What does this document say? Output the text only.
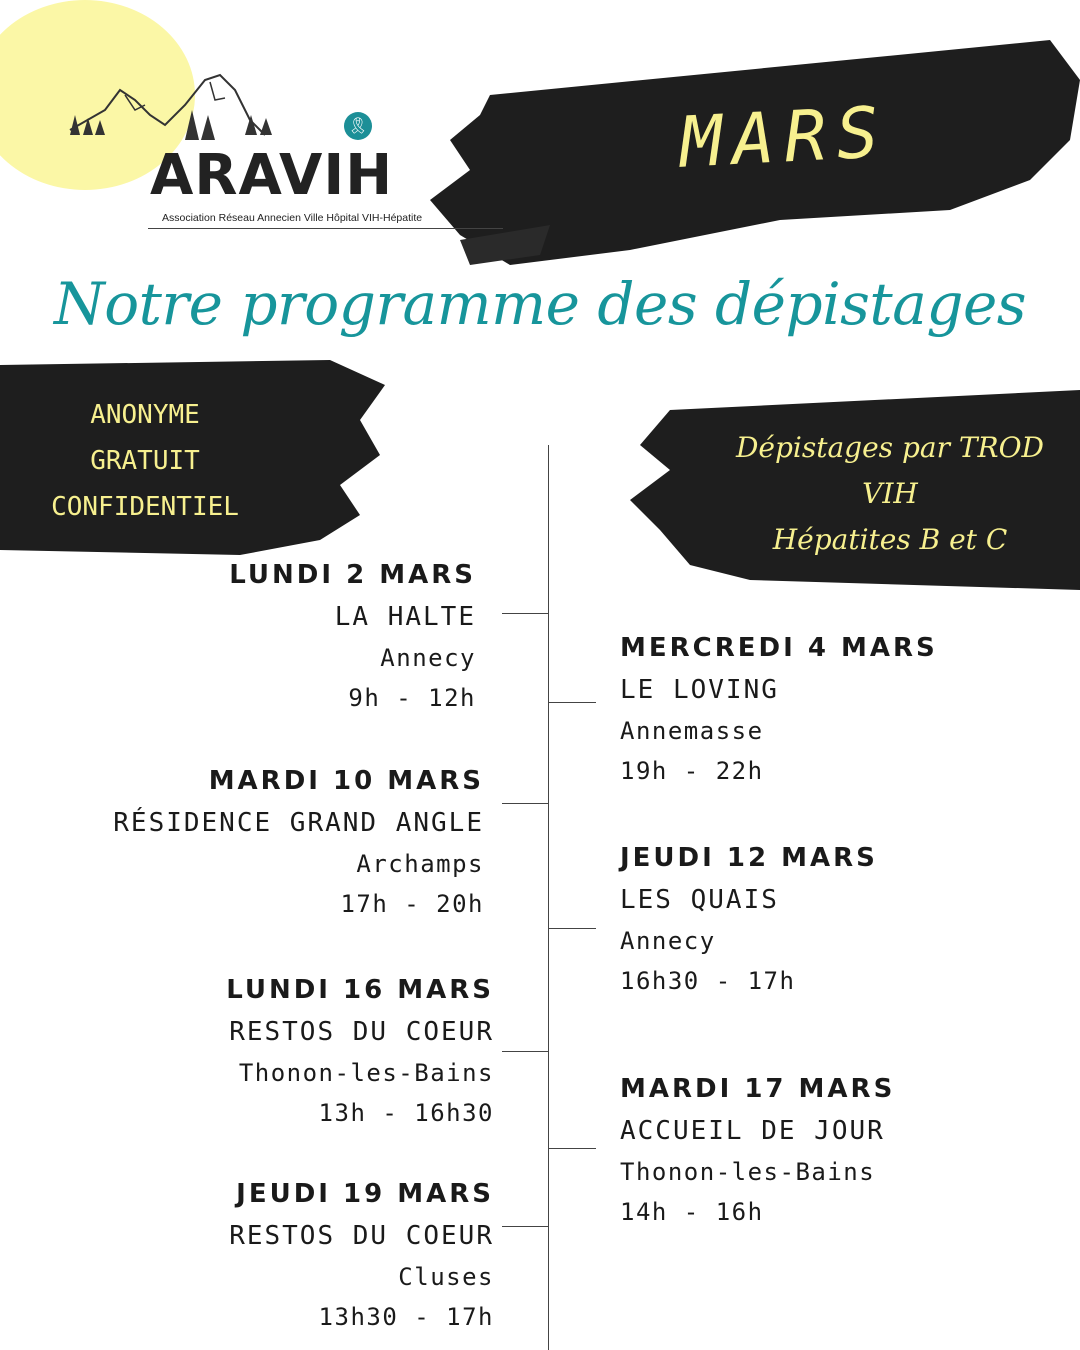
🎗
ARAVIH
Association Réseau Annecien Ville Hôpital VIH-Hépatite
MARS
Notre programme des dépistages
ANONYME
GRATUIT
CONFIDENTIEL
Dépistages par TROD
VIH
Hépatites B et C
LUNDI 2 MARS
LA HALTE
Annecy
9h - 12h
MARDI 10 MARS
RÉSIDENCE GRAND ANGLE
Archamps
17h - 20h
LUNDI 16 MARS
RESTOS DU COEUR
Thonon-les-Bains
13h - 16h30
JEUDI 19 MARS
RESTOS DU COEUR
Cluses
13h30 - 17h
MERCREDI 4 MARS
LE LOVING
Annemasse
19h - 22h
JEUDI 12 MARS
LES QUAIS
Annecy
16h30 - 17h
MARDI 17 MARS
ACCUEIL DE JOUR
Thonon-les-Bains
14h - 16h
